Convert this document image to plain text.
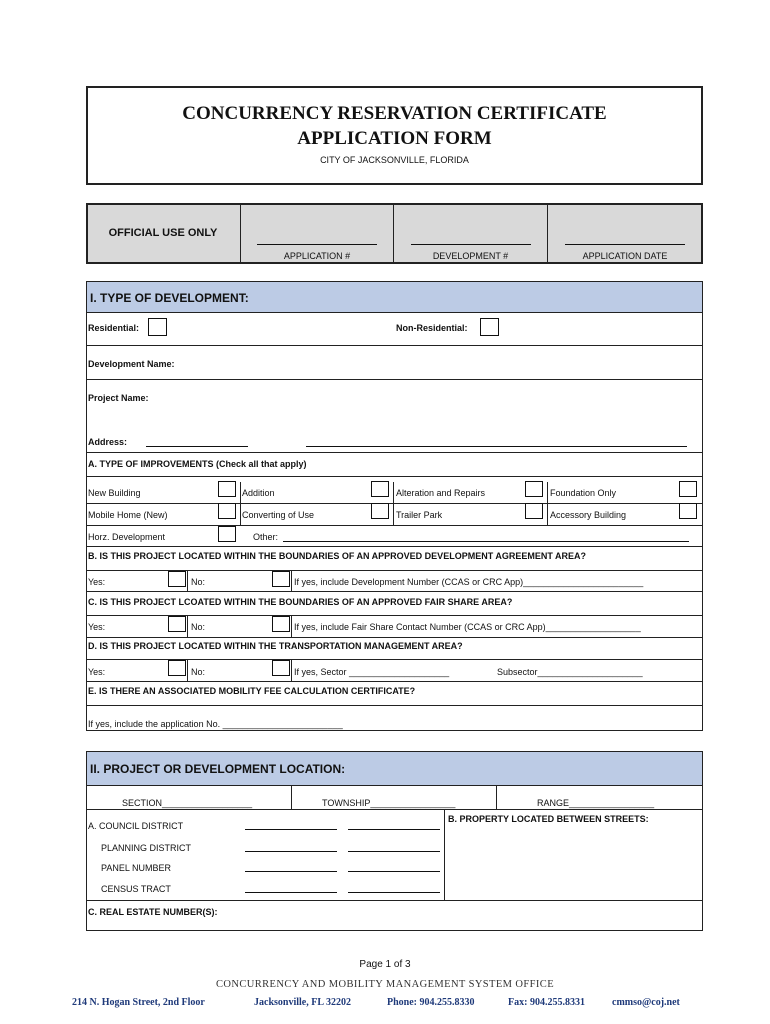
CONCURRENCY RESERVATION CERTIFICATE
APPLICATION FORM
CITY OF JACKSONVILLE, FLORIDA
OFFICIAL USE ONLY
APPLICATION #	DEVELOPMENT #	APPLICATION DATE
I. TYPE OF DEVELOPMENT:
Residential:	Non-Residential:
Development Name:
Project Name:
Address:
A. TYPE OF IMPROVEMENTS (Check all that apply)
New Building	Addition	Alteration and Repairs	Foundation Only
Mobile Home (New)	Converting of Use	Trailer Park	Accessory Building
Horz. Development	Other:
B. IS THIS PROJECT LOCATED WITHIN THE BOUNDARIES OF AN APPROVED DEVELOPMENT AGREEMENT AREA?
Yes:	No:	If yes, include Development Number (CCAS or CRC App)________________________
C. IS THIS PROJECT LCOATED WITHIN THE BOUNDARIES OF AN APPROVED FAIR SHARE AREA?
Yes:	No:	If yes, include Fair Share Contact Number (CCAS or CRC App)___________________
D. IS THIS PROJECT LOCATED WITHIN THE TRANSPORTATION MANAGEMENT AREA?
Yes:	No:	If yes, Sector ____________________	Subsector_____________________
E. IS THERE AN ASSOCIATED MOBILITY FEE CALCULATION CERTIFICATE?
If yes, include the application No. ________________________
II. PROJECT OR DEVELOPMENT LOCATION:
SECTION__________________	TOWNSHIP_________________	RANGE_________________
B. PROPERTY LOCATED BETWEEN STREETS:
A. COUNCIL DISTRICT
PLANNING DISTRICT
PANEL NUMBER
CENSUS TRACT
C. REAL ESTATE NUMBER(S):
Page 1 of 3
CONCURRENCY AND MOBILITY MANAGEMENT SYSTEM OFFICE
214 N. Hogan Street, 2nd Floor	Jacksonville, FL 32202	Phone: 904.255.8330	Fax: 904.255.8331	cmmso@coj.net
